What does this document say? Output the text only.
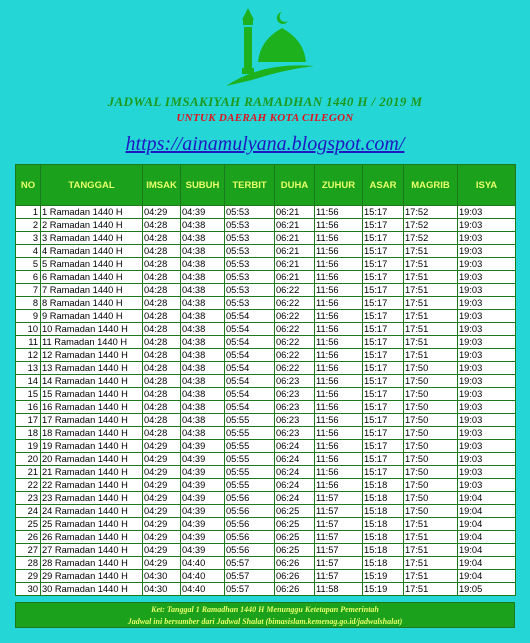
JADWAL IMSAKIYAH RAMADHAN 1440 H / 2019 M
UNTUK DAERAH KOTA CILEGON
https://ainamulyana.blogspot.com/
NO	TANGGAL	IMSAK	SUBUH	TERBIT	DUHA	ZUHUR	ASAR	MAGRIB	ISYA
1	1 Ramadan 1440 H	04:29	04:39	05:53	06:21	11:56	15:17	17:52	19:03
2	2 Ramadan 1440 H	04:28	04:38	05:53	06:21	11:56	15:17	17:52	19:03
3	3 Ramadan 1440 H	04:28	04:38	05:53	06:21	11:56	15:17	17:52	19:03
4	4 Ramadan 1440 H	04:28	04:38	05:53	06:21	11:56	15:17	17:51	19:03
5	5 Ramadan 1440 H	04:28	04:38	05:53	06:21	11:56	15:17	17:51	19:03
6	6 Ramadan 1440 H	04:28	04:38	05:53	06:21	11:56	15:17	17:51	19:03
7	7 Ramadan 1440 H	04:28	04:38	05:53	06:22	11:56	15:17	17:51	19:03
8	8 Ramadan 1440 H	04:28	04:38	05:53	06:22	11:56	15:17	17:51	19:03
9	9 Ramadan 1440 H	04:28	04:38	05:54	06:22	11:56	15:17	17:51	19:03
10	10 Ramadan 1440 H	04:28	04:38	05:54	06:22	11:56	15:17	17:51	19:03
11	11 Ramadan 1440 H	04:28	04:38	05:54	06:22	11:56	15:17	17:51	19:03
12	12 Ramadan 1440 H	04:28	04:38	05:54	06:22	11:56	15:17	17:51	19:03
13	13 Ramadan 1440 H	04:28	04:38	05:54	06:22	11:56	15:17	17:50	19:03
14	14 Ramadan 1440 H	04:28	04:38	05:54	06:23	11:56	15:17	17:50	19:03
15	15 Ramadan 1440 H	04:28	04:38	05:54	06:23	11:56	15:17	17:50	19:03
16	16 Ramadan 1440 H	04:28	04:38	05:54	06:23	11:56	15:17	17:50	19:03
17	17 Ramadan 1440 H	04:28	04:38	05:55	06:23	11:56	15:17	17:50	19:03
18	18 Ramadan 1440 H	04:28	04:38	05:55	06:23	11:56	15:17	17:50	19:03
19	19 Ramadan 1440 H	04:29	04:39	05:55	06:24	11:56	15:17	17:50	19:03
20	20 Ramadan 1440 H	04:29	04:39	05:55	06:24	11:56	15:17	17:50	19:03
21	21 Ramadan 1440 H	04:29	04:39	05:55	06:24	11:56	15:17	17:50	19:03
22	22 Ramadan 1440 H	04:29	04:39	05:55	06:24	11:56	15:18	17:50	19:03
23	23 Ramadan 1440 H	04:29	04:39	05:56	06:24	11:57	15:18	17:50	19:04
24	24 Ramadan 1440 H	04:29	04:39	05:56	06:25	11:57	15:18	17:50	19:04
25	25 Ramadan 1440 H	04:29	04:39	05:56	06:25	11:57	15:18	17:51	19:04
26	26 Ramadan 1440 H	04:29	04:39	05:56	06:25	11:57	15:18	17:51	19:04
27	27 Ramadan 1440 H	04:29	04:39	05:56	06:25	11:57	15:18	17:51	19:04
28	28 Ramadan 1440 H	04:29	04:40	05:57	06:26	11:57	15:18	17:51	19:04
29	29 Ramadan 1440 H	04:30	04:40	05:57	06:26	11:57	15:19	17:51	19:04
30	30 Ramadan 1440 H	04:30	04:40	05:57	06:26	11:58	15:19	17:51	19:05
Ket: Tanggal 1 Ramadhan 1440 H Menunggu Ketetapan Pemerintah
Jadwal ini bersumber dari Jadwal Shalat (bimasislam.kemenag.go.id/jadwalshalat)
